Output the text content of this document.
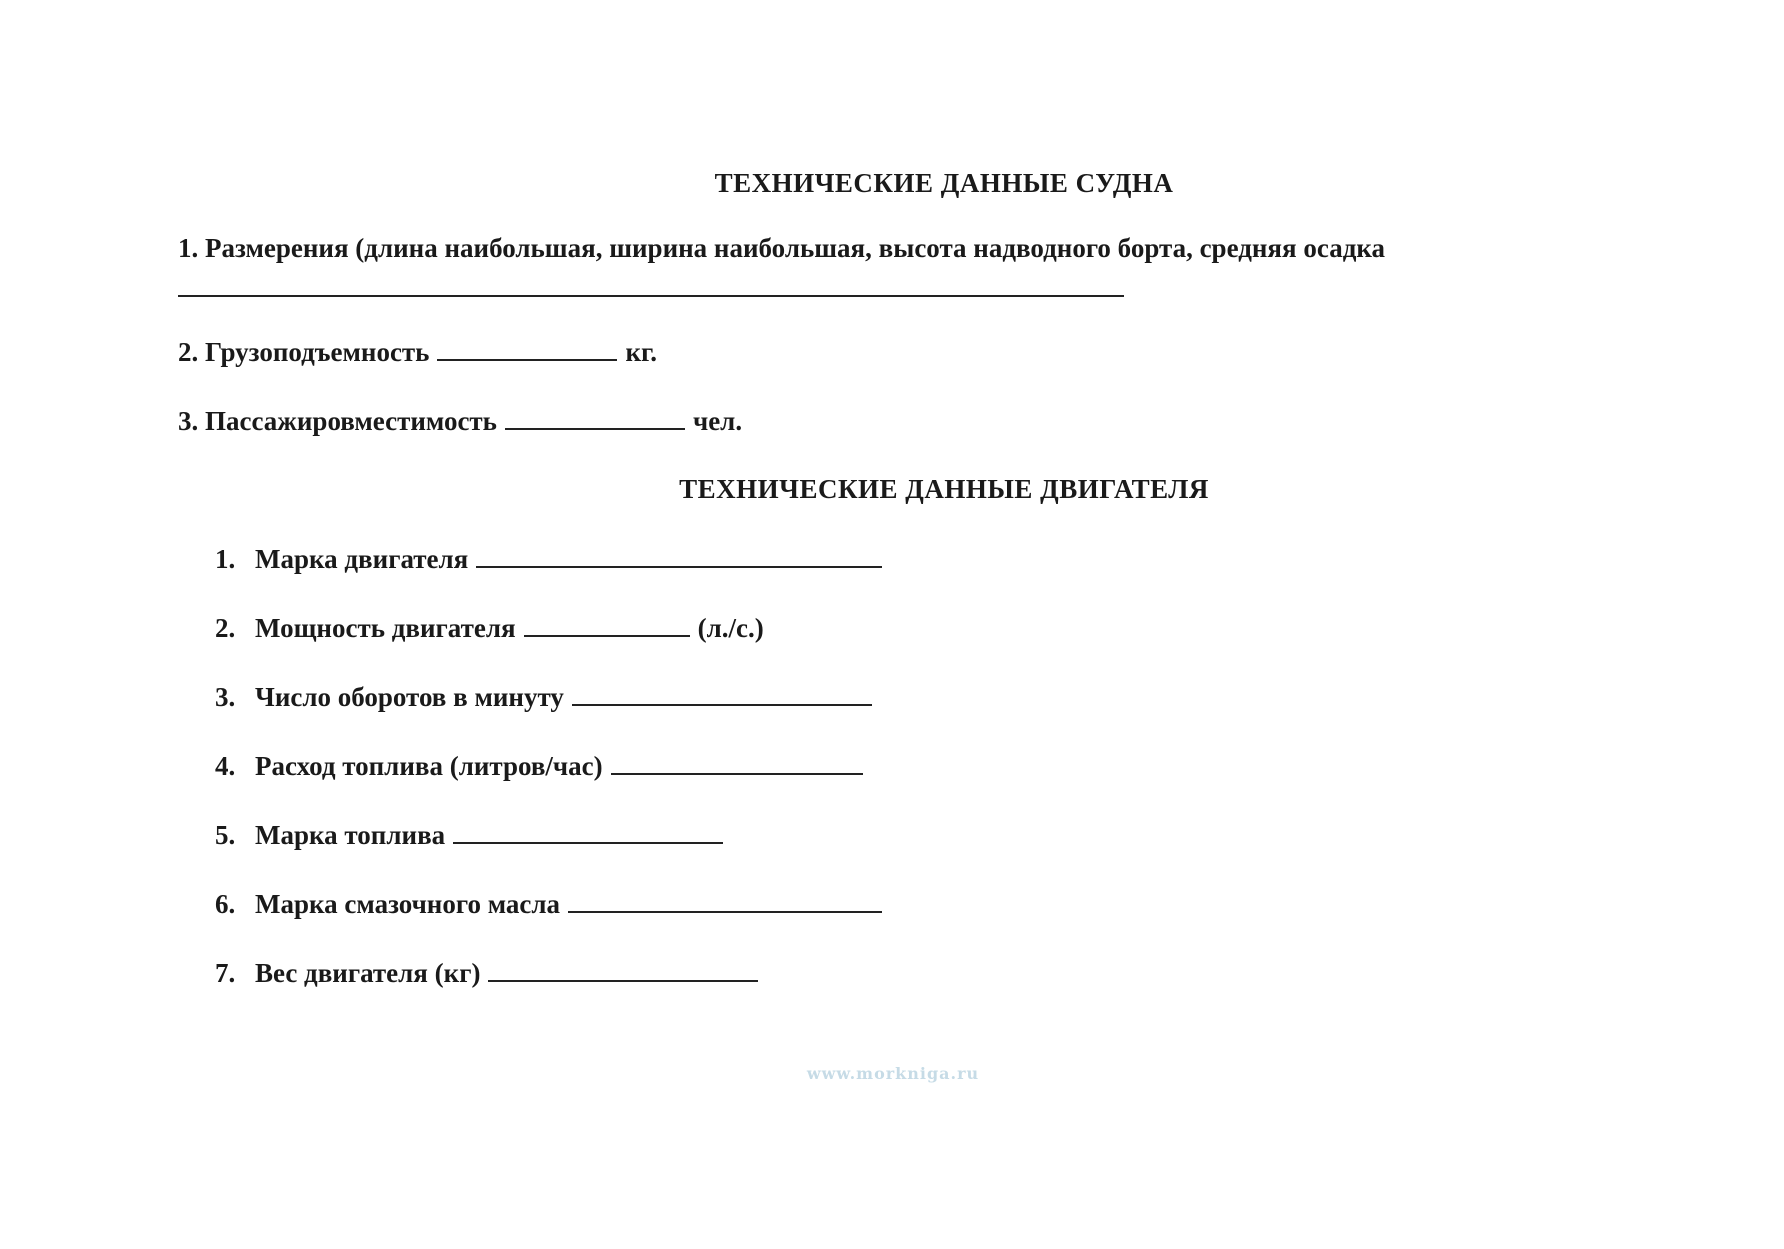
ТЕХНИЧЕСКИЕ ДАННЫЕ СУДНА
1.
Размерения (длина наибольшая, ширина наибольшая, высота надводного борта, средняя осадка
2.
Грузоподъемность	кг.
3.
Пассажировместимость	чел.
ТЕХНИЧЕСКИЕ ДАННЫЕ ДВИГАТЕЛЯ
1. Марка двигателя
2. Мощность двигателя	(л./с.)
3. Число оборотов в минуту
4. Расход топлива (литров/час)
5. Марка топлива
6. Марка смазочного масла
7. Вес двигателя (кг)
www.morkniga.ru
